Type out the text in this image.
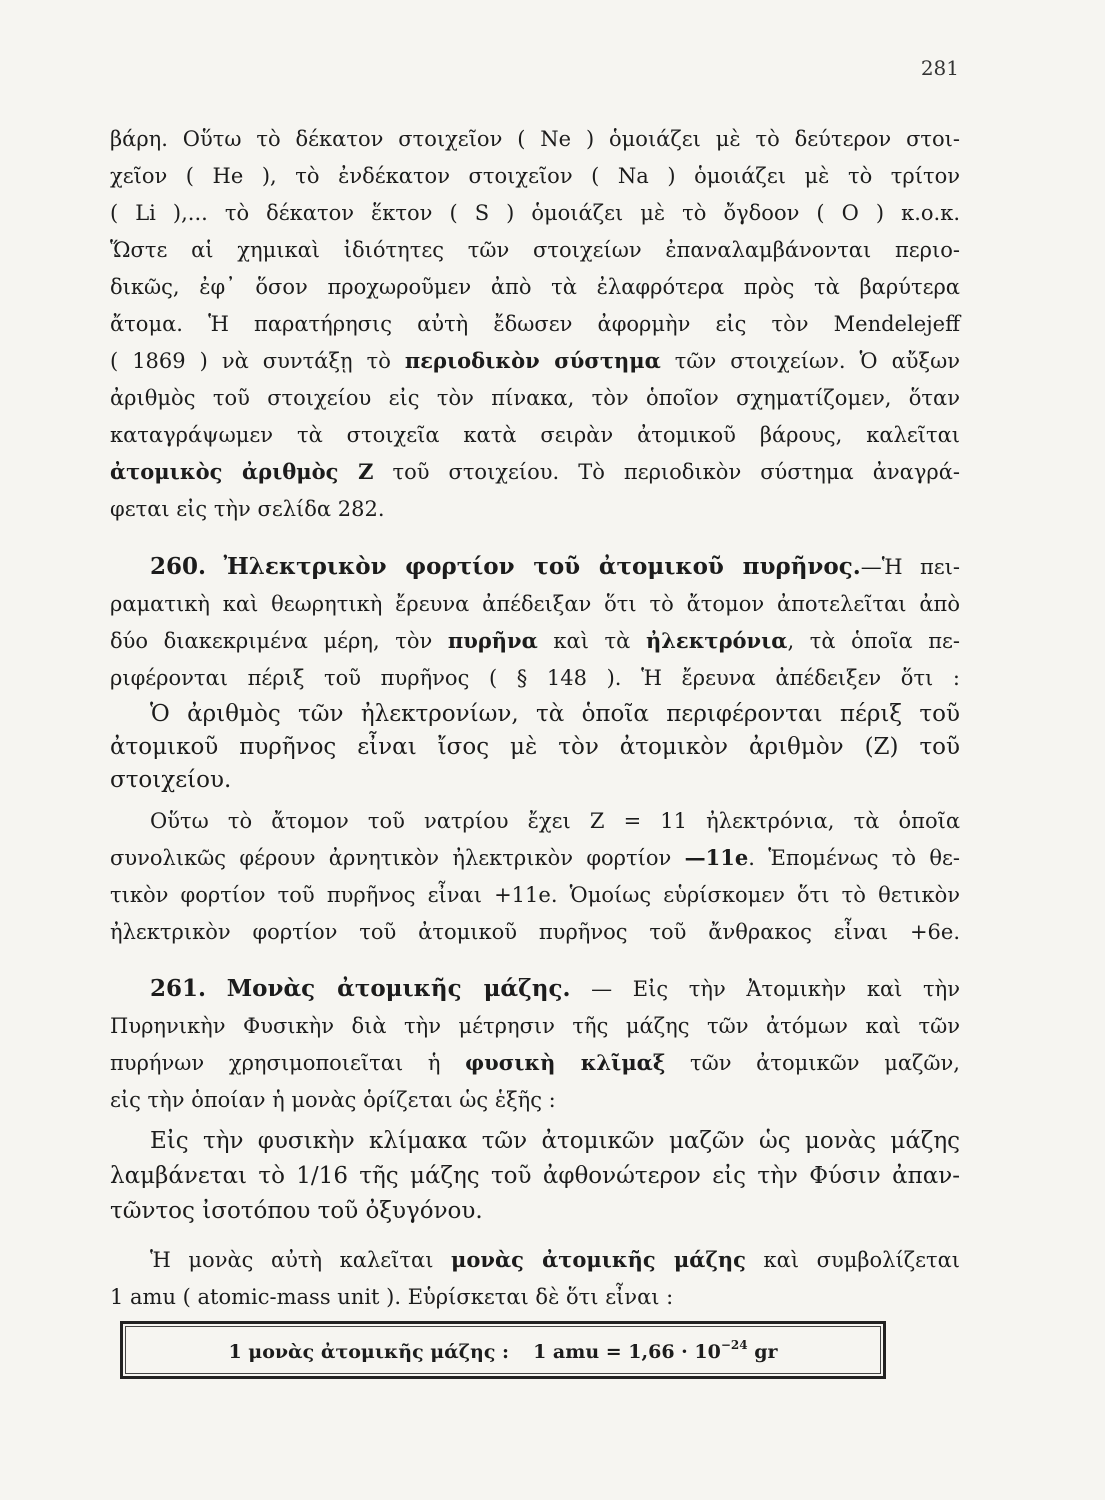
281
βάρη. Οὕτω τὸ δέκατον στοιχεῖον ( Ne ) ὁμοιάζει μὲ τὸ δεύτερον στοι-
χεῖον ( He ), τὸ ἐνδέκατον στοιχεῖον ( Na ) ὁμοιάζει μὲ τὸ τρίτον
( Li ),... τὸ δέκατον ἕκτον ( S ) ὁμοιάζει μὲ τὸ ὄγδοον ( O ) κ.ο.κ.
Ὥστε αἱ χημικαὶ ἰδιότητες τῶν στοιχείων ἐπαναλαμβάνονται περιο-
δικῶς, ἐφ᾽ ὅσον προχωροῦμεν ἀπὸ τὰ ἐλαφρότερα πρὸς τὰ βαρύτερα
ἄτομα. Ἡ παρατήρησις αὐτὴ ἔδωσεν ἀφορμὴν εἰς τὸν Mendelejeff
( 1869 ) νὰ συντάξῃ τὸ περιοδικὸν σύστημα τῶν στοιχείων. Ὁ αὔξων
ἀριθμὸς τοῦ στοιχείου εἰς τὸν πίνακα, τὸν ὁποῖον σχηματίζομεν, ὅταν
καταγράψωμεν τὰ στοιχεῖα κατὰ σειρὰν ἀτομικοῦ βάρους, καλεῖται
ἀτομικὸς ἀριθμὸς Z τοῦ στοιχείου. Τὸ περιοδικὸν σύστημα ἀναγρά-
φεται εἰς τὴν σελίδα 282.
260. Ἠλεκτρικὸν φορτίον τοῦ ἀτομικοῦ πυρῆνος.—Ἡ πει-
ραματικὴ καὶ θεωρητικὴ ἔρευνα ἀπέδειξαν ὅτι τὸ ἄτομον ἀποτελεῖται ἀπὸ
δύο διακεκριμένα μέρη, τὸν πυρῆνα καὶ τὰ ἠλεκτρόνια, τὰ ὁποῖα πε-
ριφέρονται πέριξ τοῦ πυρῆνος ( § 148 ). Ἡ ἔρευνα ἀπέδειξεν ὅτι :
Ὁ ἀριθμὸς τῶν ἠλεκτρονίων, τὰ ὁποῖα περιφέρονται πέριξ τοῦ
ἀτομικοῦ πυρῆνος εἶναι ἴσος μὲ τὸν ἀτομικὸν ἀριθμὸν (Z) τοῦ
στοιχείου.
Οὕτω τὸ ἄτομον τοῦ νατρίου ἔχει Z = 11 ἠλεκτρόνια, τὰ ὁποῖα
συνολικῶς φέρουν ἀρνητικὸν ἠλεκτρικὸν φορτίον —11e. Ἑπομένως τὸ θε-
τικὸν φορτίον τοῦ πυρῆνος εἶναι +11e. Ὁμοίως εὑρίσκομεν ὅτι τὸ θετικὸν
ἠλεκτρικὸν φορτίον τοῦ ἀτομικοῦ πυρῆνος τοῦ ἄνθρακος εἶναι +6e.
261. Μονὰς ἀτομικῆς μάζης. — Εἰς τὴν Ἀτομικὴν καὶ τὴν
Πυρηνικὴν Φυσικὴν διὰ τὴν μέτρησιν τῆς μάζης τῶν ἀτόμων καὶ τῶν
πυρήνων χρησιμοποιεῖται ἡ φυσικὴ κλῖμαξ τῶν ἀτομικῶν μαζῶν,
εἰς τὴν ὁποίαν ἡ μονὰς ὁρίζεται ὡς ἑξῆς :
Εἰς τὴν φυσικὴν κλίμακα τῶν ἀτομικῶν μαζῶν ὡς μονὰς μάζης
λαμβάνεται τὸ 1/16 τῆς μάζης τοῦ ἀφθονώτερον εἰς τὴν Φύσιν ἀπαν-
τῶντος ἰσοτόπου τοῦ ὀξυγόνου.
Ἡ μονὰς αὐτὴ καλεῖται μονὰς ἀτομικῆς μάζης καὶ συμβολίζεται
1 amu ( atomic-mass unit ). Εὑρίσκεται δὲ ὅτι εἶναι :
1 μονὰς ἀτομικῆς μάζης : 1 amu = $1,66 \cdot 10^{-24}$ gr
